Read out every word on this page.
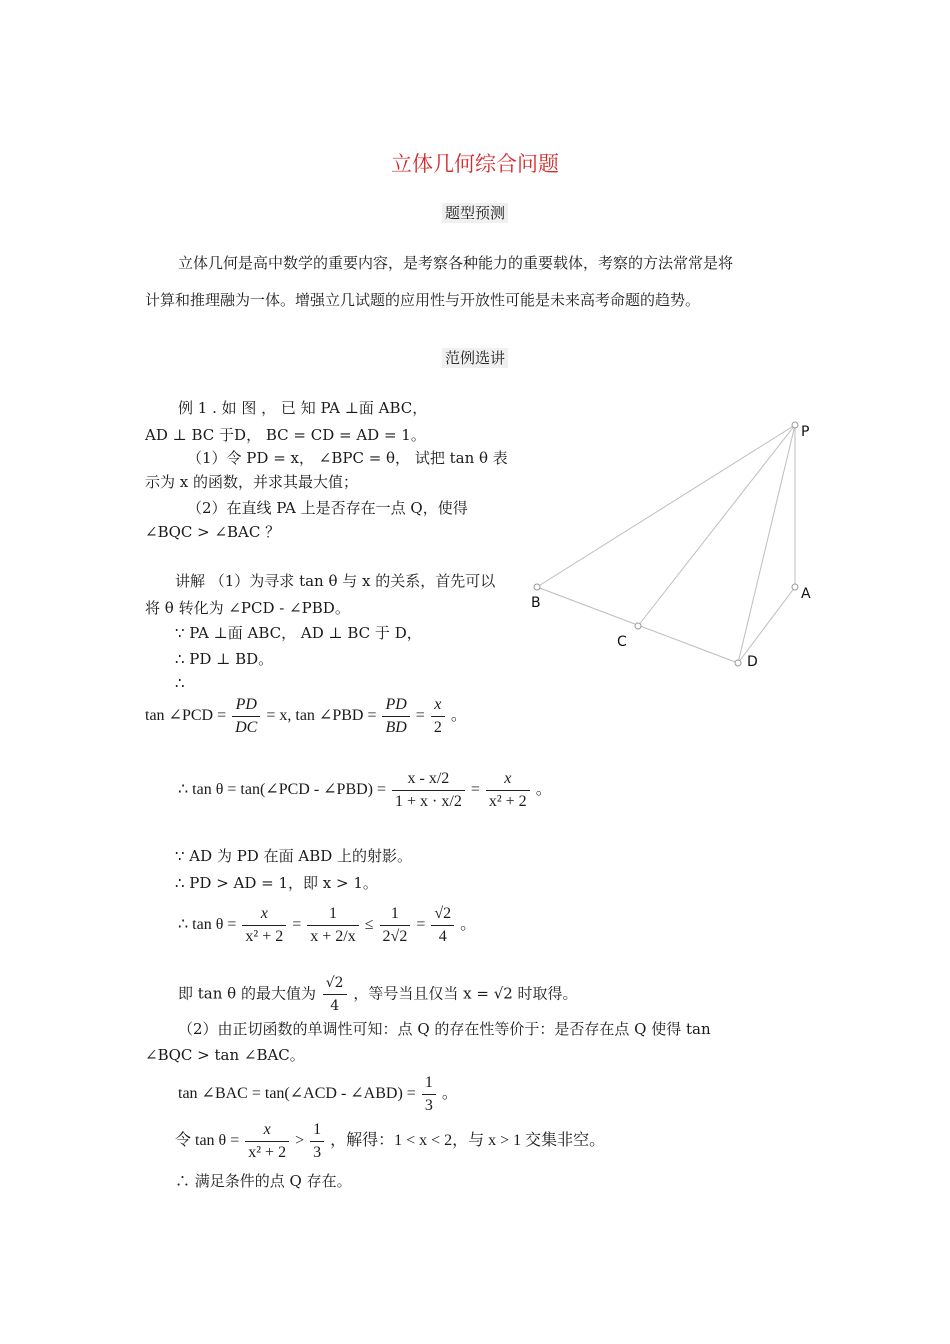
立体几何综合问题
题型预测
立体几何是高中数学的重要内容，是考察各种能力的重要载体，考察的方法常常是将
计算和推理融为一体。增强立几试题的应用性与开放性可能是未来高考命题的趋势。
范例选讲
例 1 . 如 图 ， 已 知 PA ⊥面 ABC，
AD ⊥ BC 于D， BC = CD = AD = 1。
（1）令 PD = x， ∠BPC = θ， 试把 tan θ 表
示为 x 的函数，并求其最大值；
（2）在直线 PA 上是否存在一点 Q，使得
∠BQC > ∠BAC ？
P
A
B
C
D
讲解 （1）为寻求 tan θ 与 x 的关系，首先可以
将 θ 转化为 ∠PCD - ∠PBD。
∵ PA ⊥面 ABC， AD ⊥ BC 于 D，
∴ PD ⊥ BD。
∴
tan ∠PCD = $\frac{PD}{DC} = x$, tan ∠PBD = $\frac{PD}{BD} = \frac{x}{2}$ 。
∴ tan θ = tan(∠PCD - ∠PBD) = $\frac{x - x/2}{1 + x \cdot x/2} = \frac{x}{\text{x² + 2}}$ 。
∵ AD 为 PD 在面 ABD 上的射影。
∴ PD > AD = 1，即 x > 1。
∴ $\tan \theta = \frac{x}{\text{x² + 2}} = \frac{1}{x + 2/x} \le \frac{1}{2√2} = \frac{√2}{4}$ 。
即 tan θ 的最大值为 $\frac{√2}{4}$ ，等号当且仅当 x = √2 时取得。
（2）由正切函数的单调性可知：点 Q 的存在性等价于：是否存在点 Q 使得 tan
∠BQC > tan ∠BAC。
tan ∠BAC = tan(∠ACD - ∠ABD) = $\frac{1}{3}$ 。
令 $\tan \theta = \frac{x}{\text{x² + 2}} > \frac{1}{3}$ ，解得：1 < x < 2，与 x > 1 交集非空。
∴ 满足条件的点 Q 存在。
